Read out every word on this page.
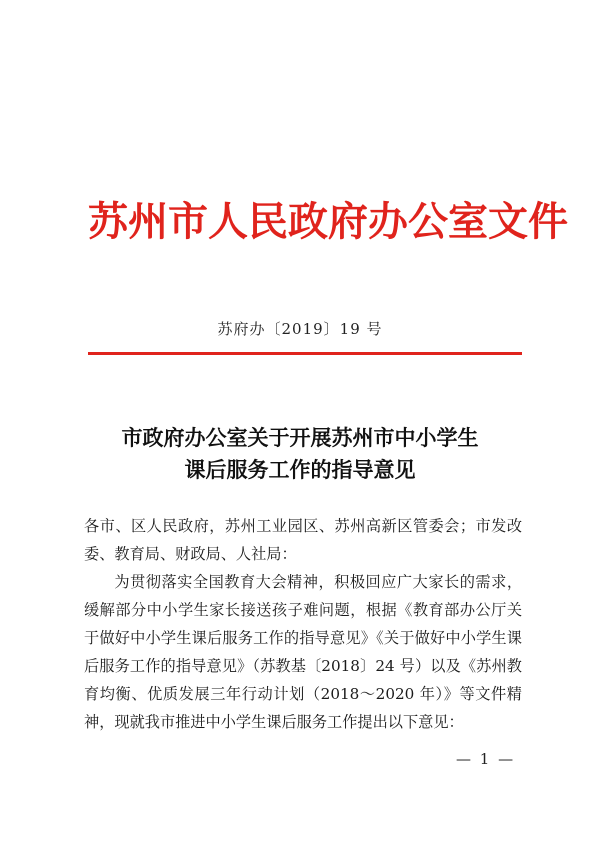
苏州市人民政府办公室文件
苏府办〔2019〕19 号
市政府办公室关于开展苏州市中小学生
课后服务工作的指导意见

各市、区人民政府，苏州工业园区、苏州高新区管委会；市发改委、教育局、财政局、人社局：

为贯彻落实全国教育大会精神，积极回应广大家长的需求，缓解部分中小学生家长接送孩子难问题，根据《教育部办公厅关于做好中小学生课后服务工作的指导意见》《关于做好中小学生课后服务工作的指导意见》（苏教基〔2018〕24 号）以及《苏州教育均衡、优质发展三年行动计划（2018～2020 年）》等文件精神，现就我市推进中小学生课后服务工作提出以下意见：

— 1 —
